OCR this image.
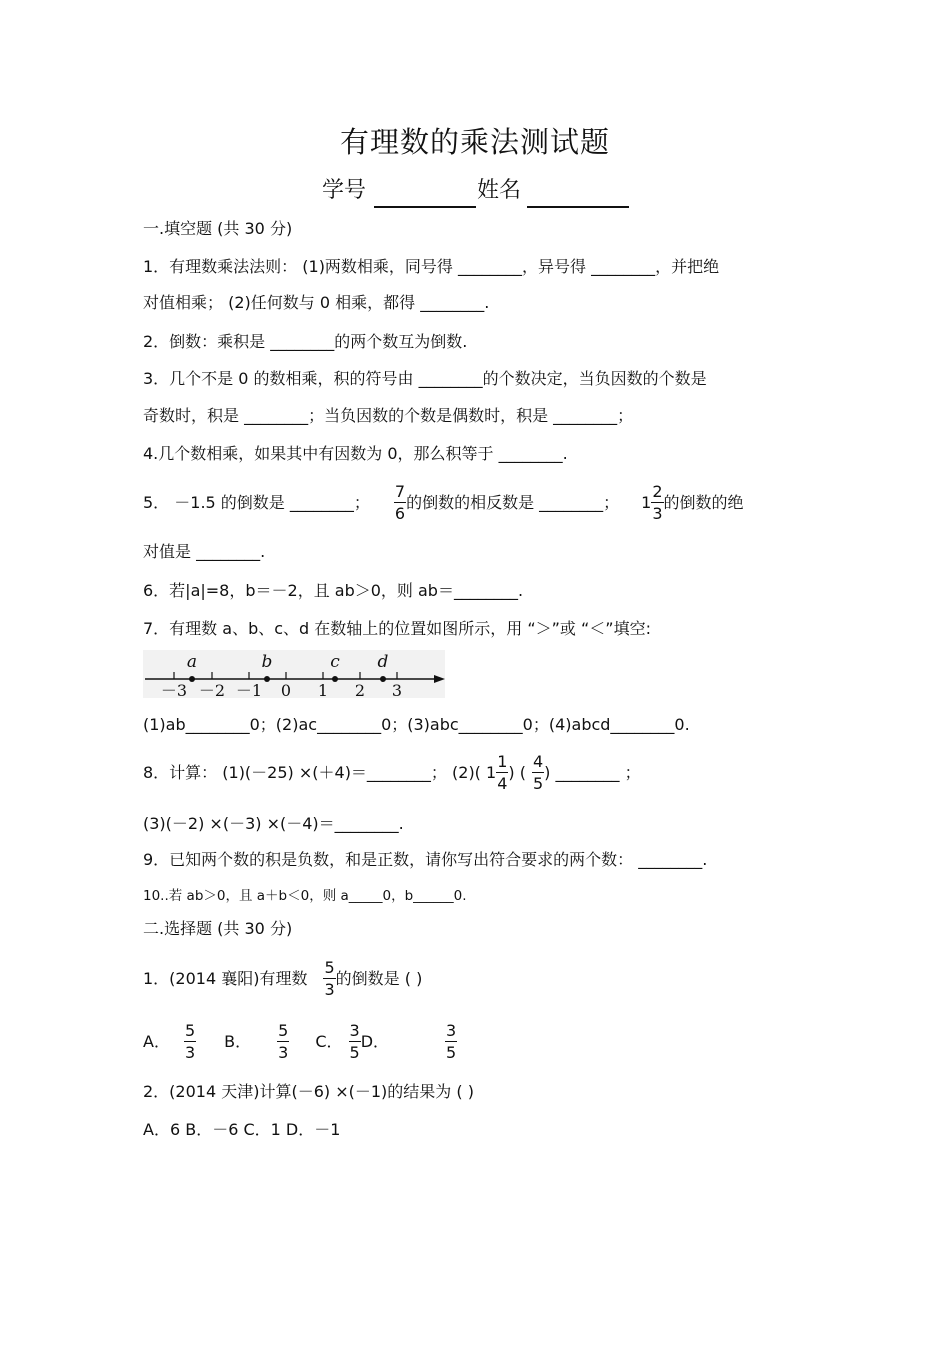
有理数的乘法测试题
学号	姓名
一.填空题 (共 30 分)
1．有理数乘法法则： (1)两数相乘，同号得 ________，异号得 ________，并把绝
对值相乘； (2)任何数与 0 相乘，都得 ________.
2．倒数：乘积是 ________的两个数互为倒数.
3．几个不是 0 的数相乘，积的符号由 ________的个数决定，当负因数的个数是
奇数时，积是 ________；当负因数的个数是偶数时，积是 ________；
4.几个数相乘，如果其中有因数为 0，那么积等于 ________.
5． －1.5 的倒数是 ________； $\frac{7}{6}$ 的倒数的相反数是 ________； $1 \frac{2}{3}$ 的倒数的绝
对值是 ________.
6．若|a|=8，b＝－2，且 ab＞0，则 ab＝________.
7．有理数 a、b、c、d 在数轴上的位置如图所示，用 “＞”或 “＜”填空:
－3 －2 －1 0 1 2 3
a	b	c d
(1)ab________0；(2)ac________0；(3)abc________0；(4)abcd________0.
8．计算： (1)(－25) ×(＋4)＝________； (2)( $1 \frac{1}{4}$ ) ( $\frac{4}{5}$ ) ________ ；
(3)(－2) ×(－3) ×(－4)＝________.
9．已知两个数的积是负数，和是正数，请你写出符合要求的两个数： ________.
10..若 ab＞0，且 a＋b＜0，则 a_____0，b______0.
二.选择题 (共 30 分)
1．(2014 襄阳)有理数 $\frac{5}{3}$ 的倒数是 ( )
A． $\frac{5}{3}$ B． $\frac{5}{3}$ C． $\frac{3}{5}$ D．	$\frac{3}{5}$
2．(2014 天津)计算(－6) ×(－1)的结果为 ( )
A．6 B．－6 C．1 D．－1
